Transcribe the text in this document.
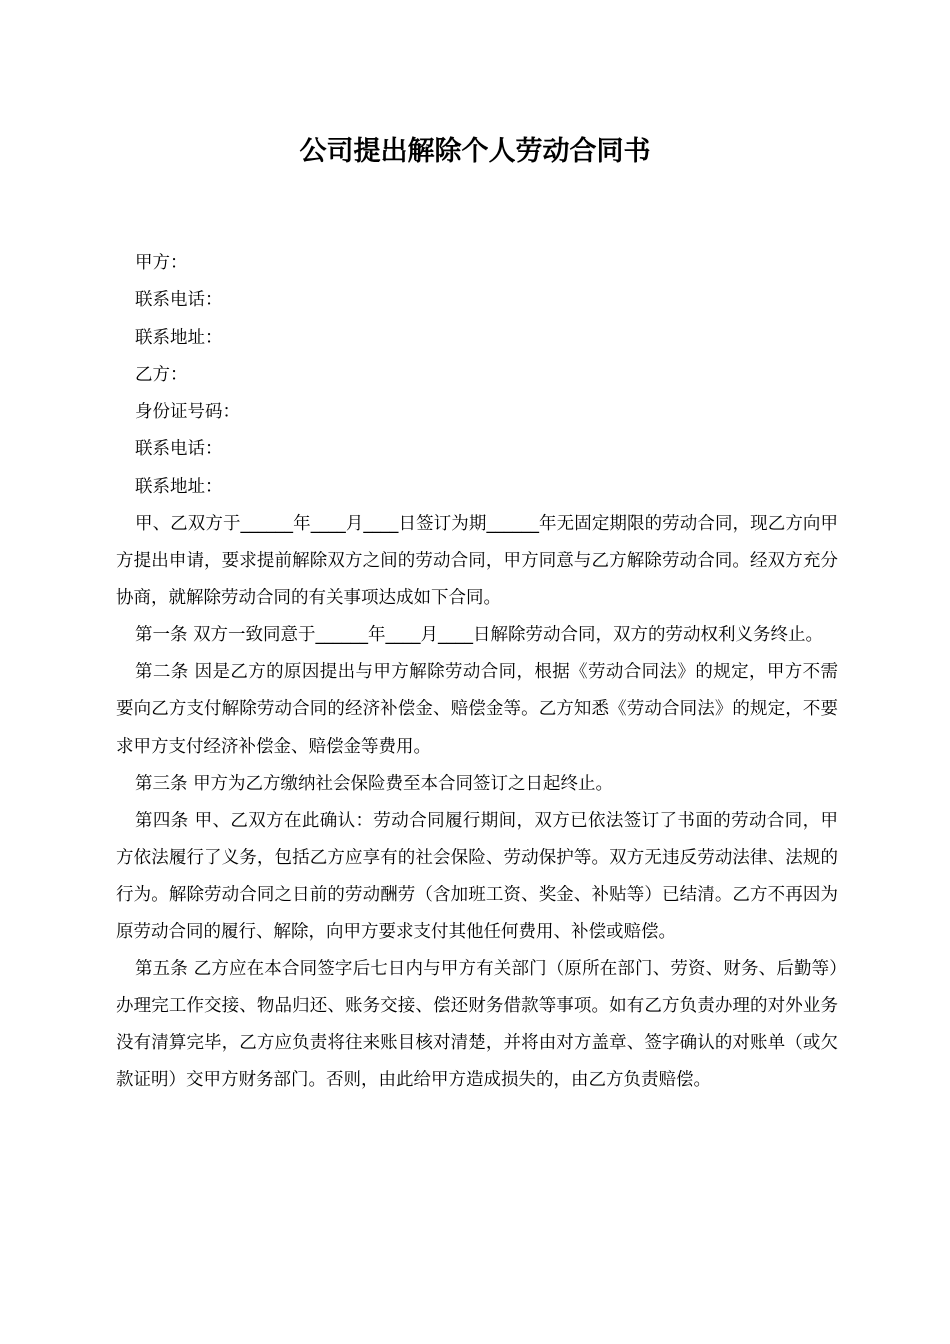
公司提出解除个人劳动合同书
甲方：
联系电话：
联系地址：
乙方：
身份证号码：
联系电话：
联系地址：

甲、乙双方于______年____月____日签订为期______年无固定期限的劳动合同，现乙方向甲方提出申请，要求提前解除双方之间的劳动合同，甲方同意与乙方解除劳动合同。经双方充分协商，就解除劳动合同的有关事项达成如下合同。

第一条 双方一致同意于______年____月____日解除劳动合同，双方的劳动权利义务终止。

第二条 因是乙方的原因提出与甲方解除劳动合同，根据《劳动合同法》的规定，甲方不需要向乙方支付解除劳动合同的经济补偿金、赔偿金等。乙方知悉《劳动合同法》的规定，不要求甲方支付经济补偿金、赔偿金等费用。

第三条 甲方为乙方缴纳社会保险费至本合同签订之日起终止。

第四条 甲、乙双方在此确认：劳动合同履行期间，双方已依法签订了书面的劳动合同，甲方依法履行了义务，包括乙方应享有的社会保险、劳动保护等。双方无违反劳动法律、法规的行为。解除劳动合同之日前的劳动酬劳（含加班工资、奖金、补贴等）已结清。乙方不再因为原劳动合同的履行、解除，向甲方要求支付其他任何费用、补偿或赔偿。

第五条 乙方应在本合同签字后七日内与甲方有关部门（原所在部门、劳资、财务、后勤等）办理完工作交接、物品归还、账务交接、偿还财务借款等事项。如有乙方负责办理的对外业务没有清算完毕，乙方应负责将往来账目核对清楚，并将由对方盖章、签字确认的对账单（或欠款证明）交甲方财务部门。否则，由此给甲方造成损失的，由乙方负责赔偿。
